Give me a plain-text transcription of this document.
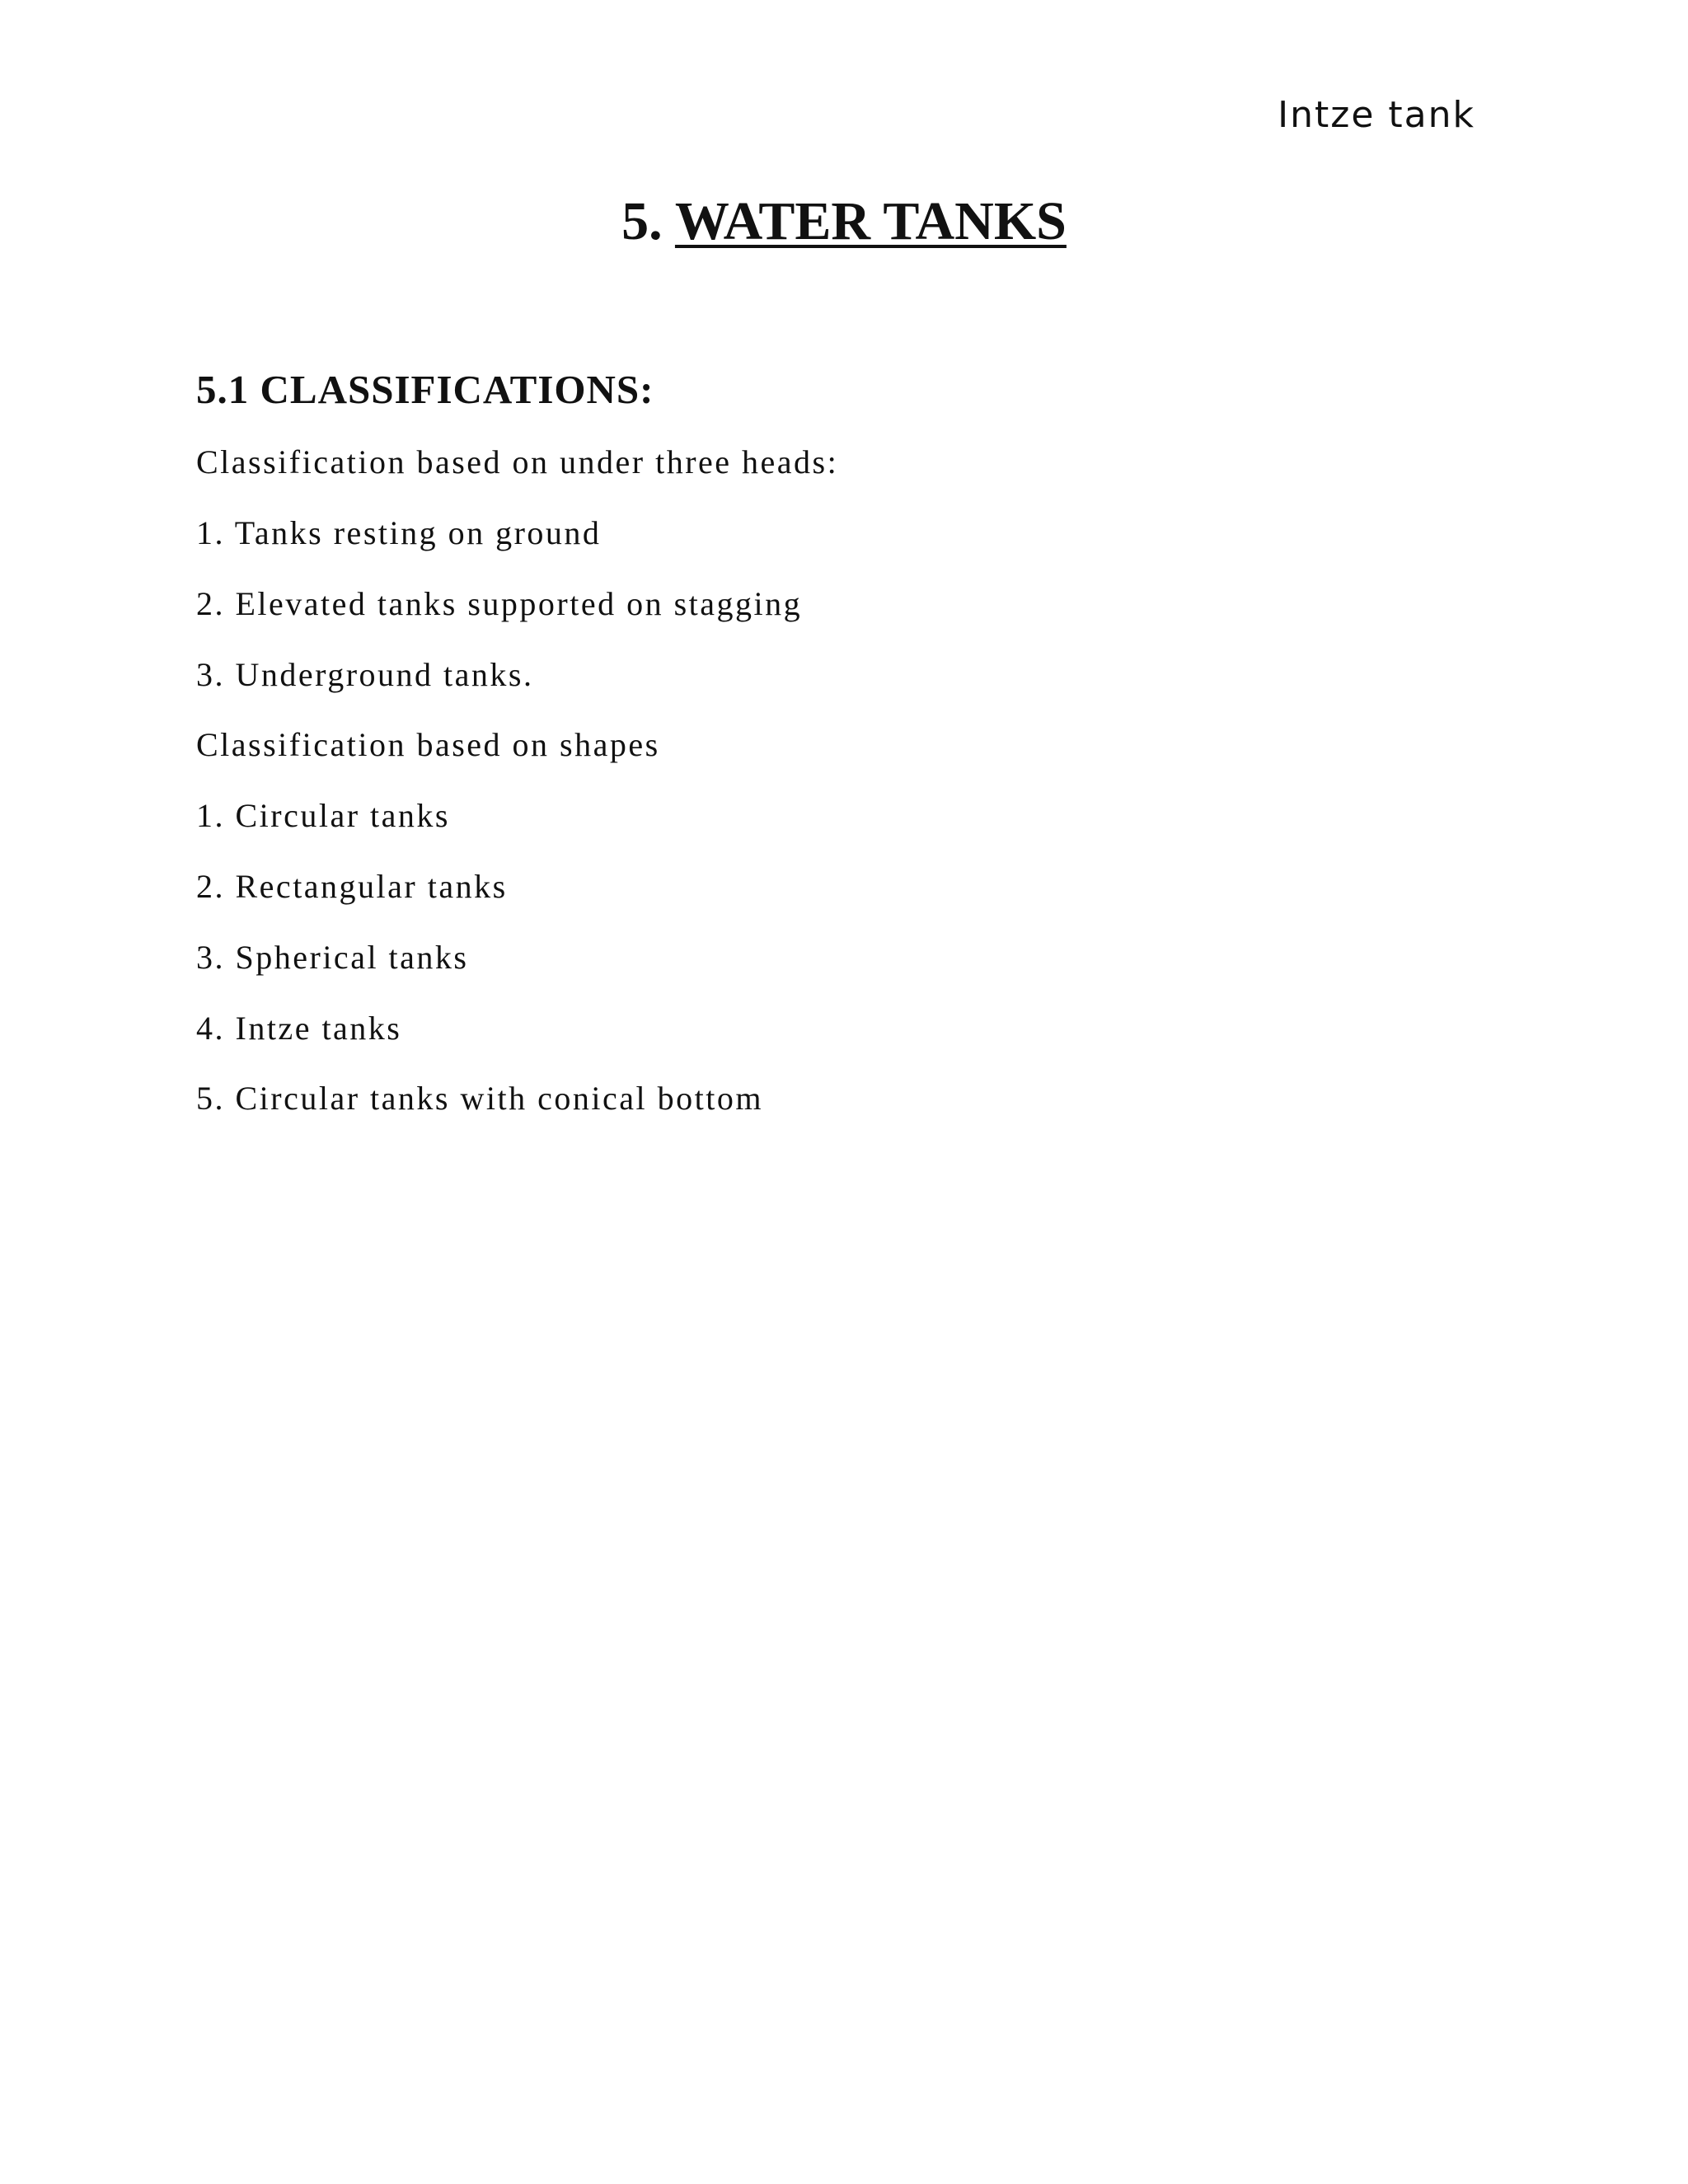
Intze tank
5. WATER TANKS
5.1 CLASSIFICATIONS:
Classification based on under three heads:
1. Tanks resting on ground
2. Elevated tanks supported on stagging
3. Underground tanks.
Classification based on shapes
1. Circular tanks
2. Rectangular tanks
3. Spherical tanks
4. Intze tanks
5. Circular tanks with conical bottom
